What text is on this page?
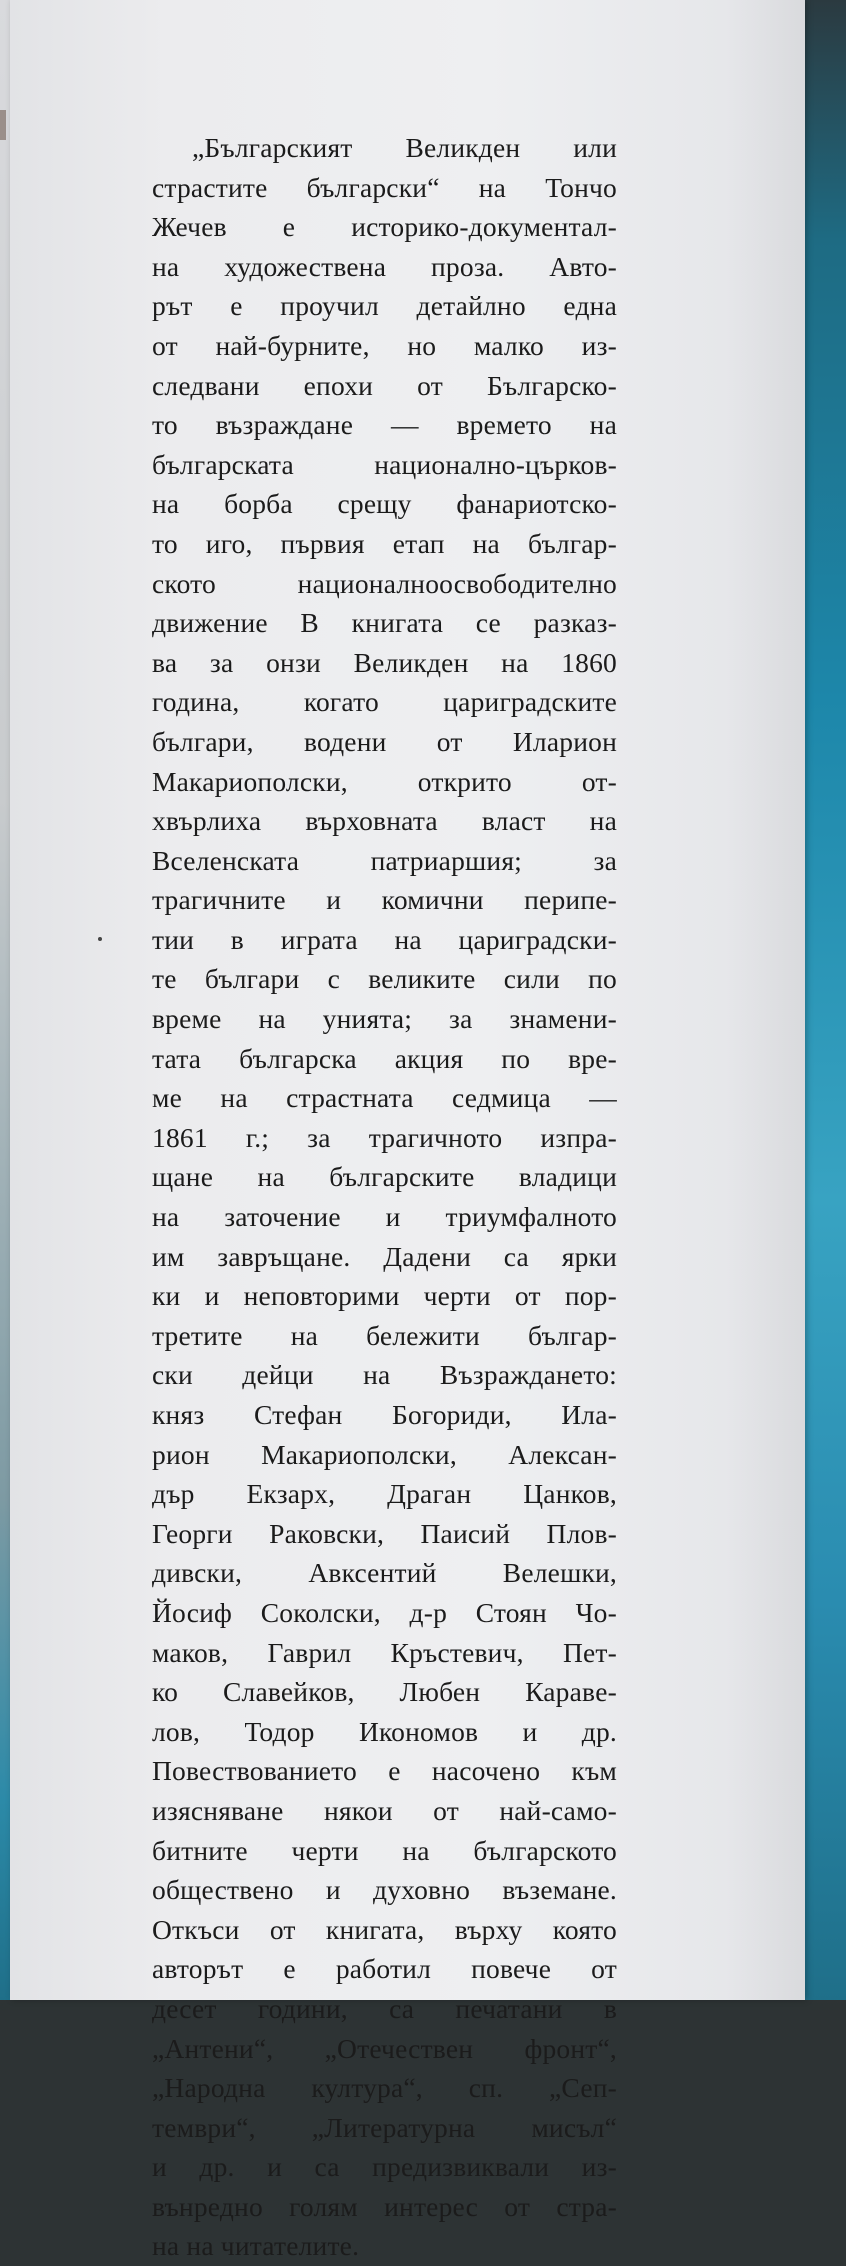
„Българският Великден или
страстите български“ на Тончо
Жечев е историко-документал-
на художествена проза. Авто-
рът е проучил детайлно една
от най-бурните, но малко из-
следвани епохи от Българско-
то възраждане — времето на
българската национално-църков-
на борба срещу фанариотско-
то иго, първия етап на българ-
ското националноосвободително
движение В книгата се разказ-
ва за онзи Великден на 1860
година, когато цариградските
българи, водени от Иларион
Макариополски, открито от-
хвърлиха върховната власт на
Вселенската патриаршия; за
трагичните и комични перипе-
тии в играта на цариградски-
те българи с великите сили по
време на унията; за знамени-
тата българска акция по вре-
ме на страстната седмица —
1861 г.; за трагичното изпра-
щане на българските владици
на заточение и триумфалното
им завръщане. Дадени са ярки
ки и неповторими черти от пор-
третите на бележити българ-
ски дейци на Възраждането:
княз Стефан Богориди, Ила-
рион Макариополски, Алексан-
дър Екзарх, Драган Цанков,
Георги Раковски, Паисий Плов-
дивски, Авксентий Велешки,
Йосиф Соколски, д-р Стоян Чо-
маков, Гаврил Кръстевич, Пет-
ко Славейков, Любен Каравe-
лов, Тодор Икономов и др.
Повествованието е насочено към
изясняване някои от най-само-
битните черти на българското
обществено и духовно въземане.
Откъси от книгата, върху която
авторът е работил повече от
десет години, са печатани в
„Антени“, „Отечествен фронт“,
„Народна култура“, сп. „Сеп-
тември“, „Литературна мисъл“
и др. и са предизвиквали из-
вънредно голям интерес от стра-
на на читателите.
